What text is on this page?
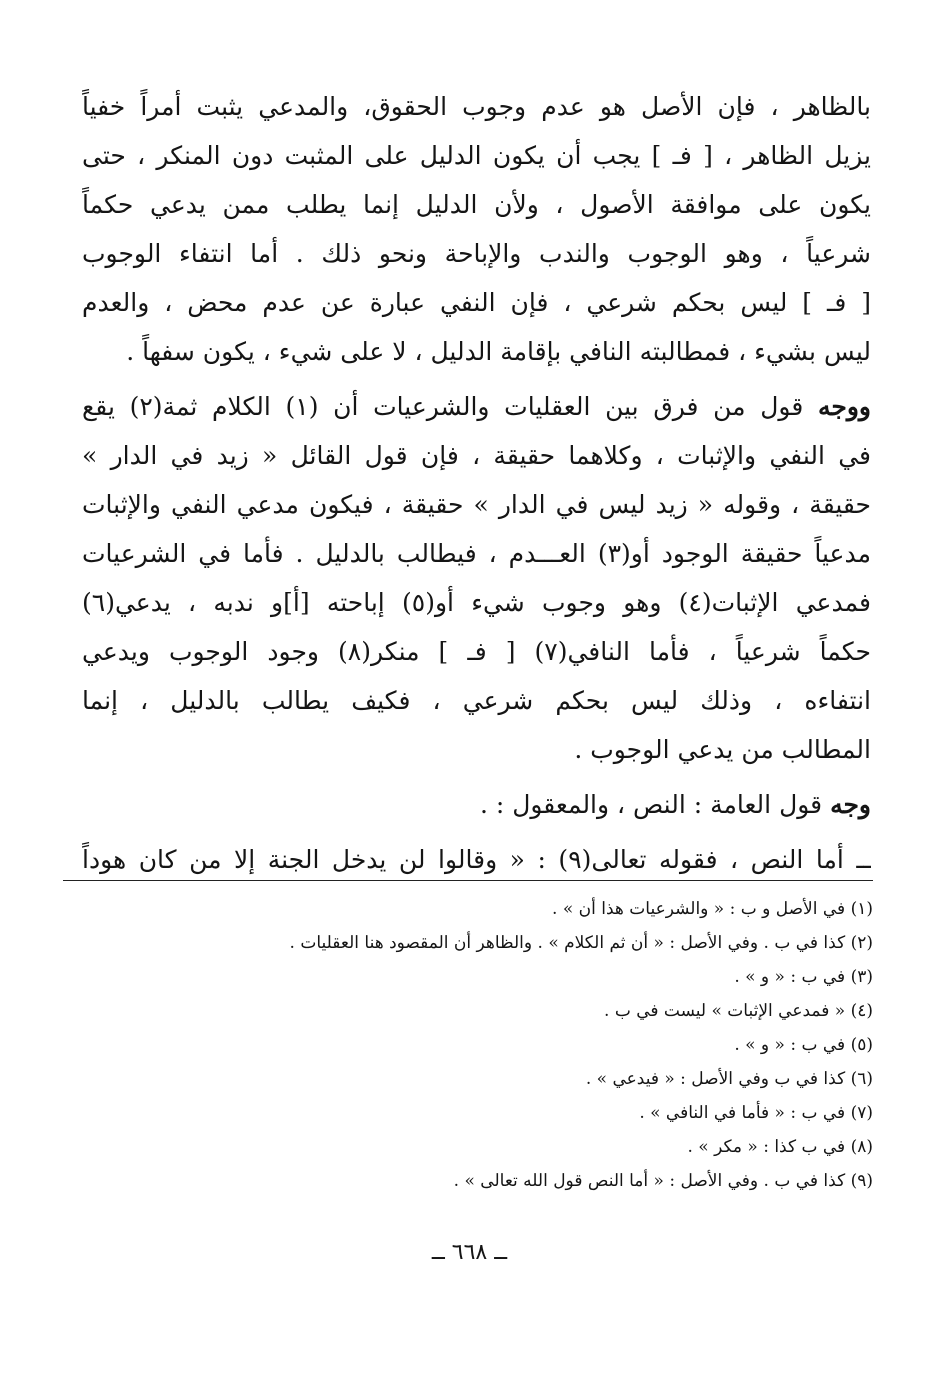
بالظاهر ، فإن الأصل هو عدم وجوب الحقوق، والمدعي يثبت أمراً خفياً
يزيل الظاهر ، [ فـ ] يجب أن يكون الدليل على المثبت دون المنكر ، حتى
يكون على موافقة الأصول ، ولأن الدليل إنما يطلب ممن يدعي حكماً
شرعياً ، وهو الوجوب والندب والإباحة ونحو ذلك . أما انتفاء الوجوب
[ فـ ] ليس بحكم شرعي ، فإن النفي عبارة عن عدم محض ، والعدم
ليس بشيء ، فمطالبته النافي بإقامة الدليل ، لا على شيء ، يكون سفهاً .

ووجه قول من فرق بين العقليات والشرعيات أن (١) الكلام ثمة(٢) يقع
في النفي والإثبات ، وكلاهما حقيقة ، فإن قول القائل « زيد في الدار »
حقيقة ، وقوله « زيد ليس في الدار » حقيقة ، فيكون مدعي النفي والإثبات
مدعياً حقيقة الوجود أو(٣) العـــدم ، فيطالب بالدليل . فأما في الشرعيات
فمدعي الإثبات(٤) وهو وجوب شيء أو(٥) إباحته [أ]و ندبه ، يدعي(٦)
حكماً شرعياً ، فأما النافي(٧) [ فـ ] منكر(٨) وجود الوجوب ويدعي
انتفاءه ، وذلك ليس بحكم شرعي ، فكيف يطالب بالدليل ، إنما
المطالب من يدعي الوجوب .

وجه قول العامة : النص ، والمعقول : .

ــ أما النص ، فقوله تعالى(٩) : « وقالوا لن يدخل الجنة إلا من كان هوداً

(١) في الأصل و ب : « والشرعيات هذا أن » .
(٢) كذا في ب . وفي الأصل : « أن ثم الكلام » . والظاهر أن المقصود هنا العقليات .
(٣) في ب : « و » .
(٤) « فمدعي الإثبات » ليست في ب .
(٥) في ب : « و » .
(٦) كذا في ب وفي الأصل : « فيدعي » .
(٧) في ب : « فأما في النافي » .
(٨) في ب كذا : « مكر » .
(٩) كذا في ب . وفي الأصل : « أما النص قول الله تعالى » .
ــ ٦٦٨ ــ
